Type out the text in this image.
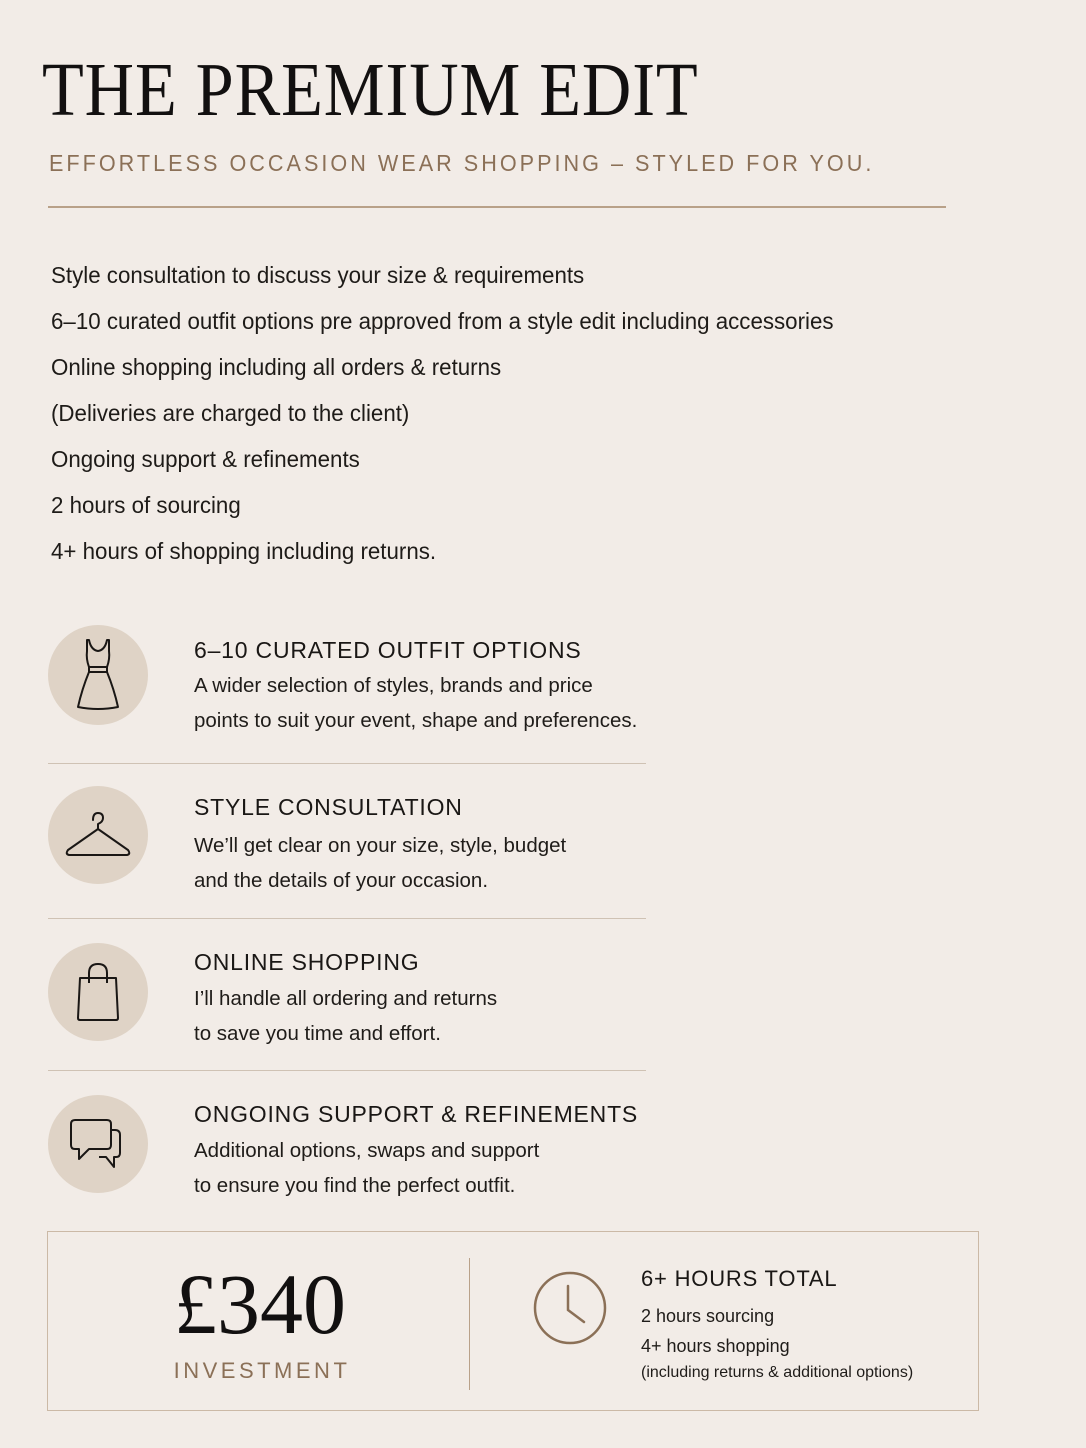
THE PREMIUM EDIT
EFFORTLESS OCCASION WEAR SHOPPING – STYLED FOR YOU.
Style consultation to discuss your size & requirements
6–10 curated outfit options pre approved from a style edit including accessories
Online shopping including all orders & returns
(Deliveries are charged to the client)
Ongoing support & refinements
2 hours of sourcing
4+ hours of shopping including returns.
6–10 CURATED OUTFIT OPTIONS
A wider selection of styles, brands and price
points to suit your event, shape and preferences.
STYLE CONSULTATION
We’ll get clear on your size, style, budget
and the details of your occasion.
ONLINE SHOPPING
I’ll handle all ordering and returns
to save you time and effort.
ONGOING SUPPORT & REFINEMENTS
Additional options, swaps and support
to ensure you find the perfect outfit.
£340
INVESTMENT
6+ HOURS TOTAL
2 hours sourcing
4+ hours shopping
(including returns & additional options)
